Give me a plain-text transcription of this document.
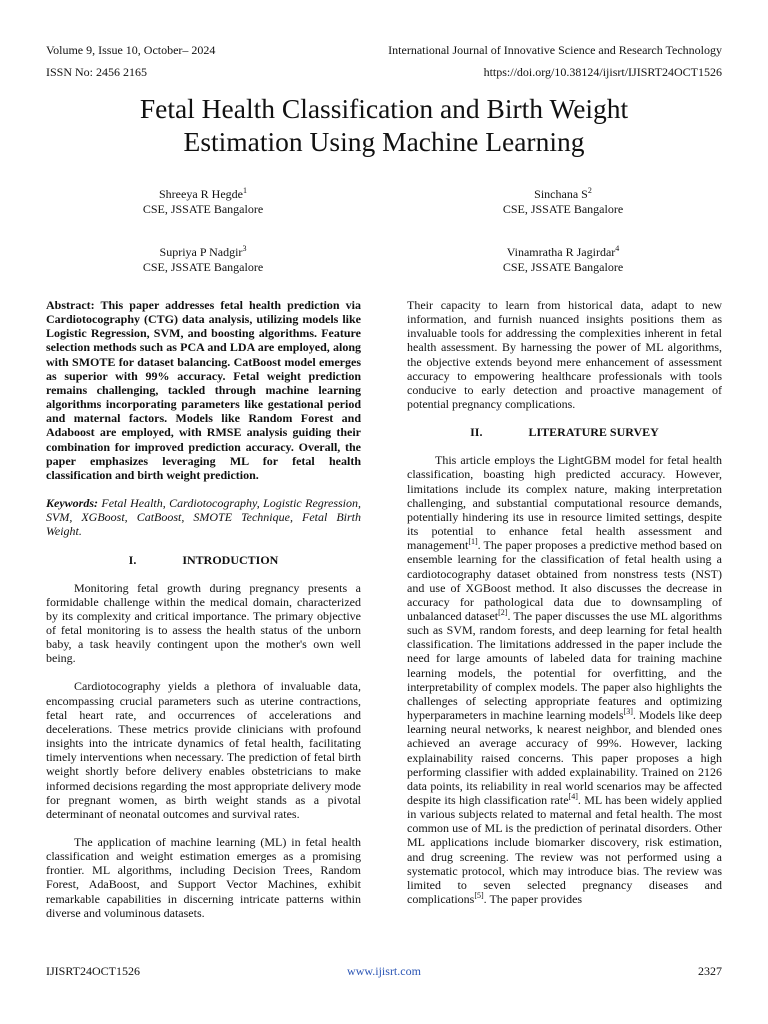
Volume 9, Issue 10, October– 2024	International Journal of Innovative Science and Research Technology
ISSN No: 2456 2165	https://doi.org/10.38124/ijisrt/IJISRT24OCT1526
Fetal Health Classification and Birth Weight
Estimation Using Machine Learning
Shreeya R Hegde$^1$
CSE, JSSATE Bangalore
Sinchana $S^2$
CSE, JSSATE Bangalore
Supriya P Nadgir$^3$
CSE, JSSATE Bangalore
Vinamratha R Jagirdar$^4$
CSE, JSSATE Bangalore

Abstract: This paper addresses fetal health prediction via Cardiotocography (CTG) data analysis, utilizing models like Logistic Regression, SVM, and boosting algorithms. Feature selection methods such as PCA and LDA are employed, along with SMOTE for dataset balancing. CatBoost model emerges as superior with 99% accuracy. Fetal weight prediction remains challenging, tackled through machine learning algorithms incorporating parameters like gestational period and maternal factors. Models like Random Forest and Adaboost are employed, with RMSE analysis guiding their combination for improved prediction accuracy. Overall, the paper emphasizes leveraging ML for fetal health classification and birth weight prediction.

Keywords: Fetal Health, Cardiotocography, Logistic Regression, SVM, XGBoost, CatBoost, SMOTE Technique, Fetal Birth Weight.

I.	INTRODUCTION

Monitoring fetal growth during pregnancy presents a formidable challenge within the medical domain, characterized by its complexity and critical importance. The primary objective of fetal monitoring is to assess the health status of the unborn baby, a task heavily contingent upon the mother's own well being.

Cardiotocography yields a plethora of invaluable data, encompassing crucial parameters such as uterine contractions, fetal heart rate, and occurrences of accelerations and decelerations. These metrics provide clinicians with profound insights into the intricate dynamics of fetal health, facilitating timely interventions when necessary. The prediction of fetal birth weight shortly before delivery enables obstetricians to make informed decisions regarding the most appropriate delivery mode for pregnant women, as birth weight stands as a pivotal determinant of neonatal outcomes and survival rates.

The application of machine learning (ML) in fetal health classification and weight estimation emerges as a promising frontier. ML algorithms, including Decision Trees, Random Forest, AdaBoost, and Support Vector Machines, exhibit remarkable capabilities in discerning intricate patterns within diverse and voluminous datasets.

Their capacity to learn from historical data, adapt to new information, and furnish nuanced insights positions them as invaluable tools for addressing the complexities inherent in fetal health assessment. By harnessing the power of ML algorithms, the objective extends beyond mere enhancement of assessment accuracy to empowering healthcare professionals with tools conducive to early detection and proactive management of potential pregnancy complications.

II.	LITERATURE SURVEY

This article employs the LightGBM model for fetal health classification, boasting high predicted accuracy. However, limitations include its complex nature, making interpretation challenging, and substantial computational resource demands, potentially hindering its use in resource limited settings, despite its potential to enhance fetal health assessment and management[1]. The paper proposes a predictive method based on ensemble learning for the classification of fetal health using a cardiotocography dataset obtained from nonstress tests (NST) and use of XGBoost method. It also discusses the decrease in accuracy for pathological data due to downsampling of unbalanced dataset[2]. The paper discusses the use ML algorithms such as SVM, random forests, and deep learning for fetal health classification. The limitations addressed in the paper include the need for large amounts of labeled data for training machine learning models, the potential for overfitting, and the interpretability of complex models. The paper also highlights the challenges of selecting appropriate features and optimizing hyperparameters in machine learning models[3]. Models like deep learning neural networks, k nearest neighbor, and blended ones achieved an average accuracy of 99%. However, lacking explainability raised concerns. This paper proposes a high performing classifier with added explainability. Trained on 2126 data points, its reliability in real world scenarios may be affected despite its high classification rate[4]. ML has been widely applied in various subjects related to maternal and fetal health. The most common use of ML is the prediction of perinatal disorders. Other ML applications include biomarker discovery, risk estimation, and drug screening. The review was not performed using a systematic protocol, which may introduce bias. The review was limited to seven selected pregnancy diseases and complications[5]. The paper provides

IJISRT24OCT1526	www.ijisrt.com	2327
